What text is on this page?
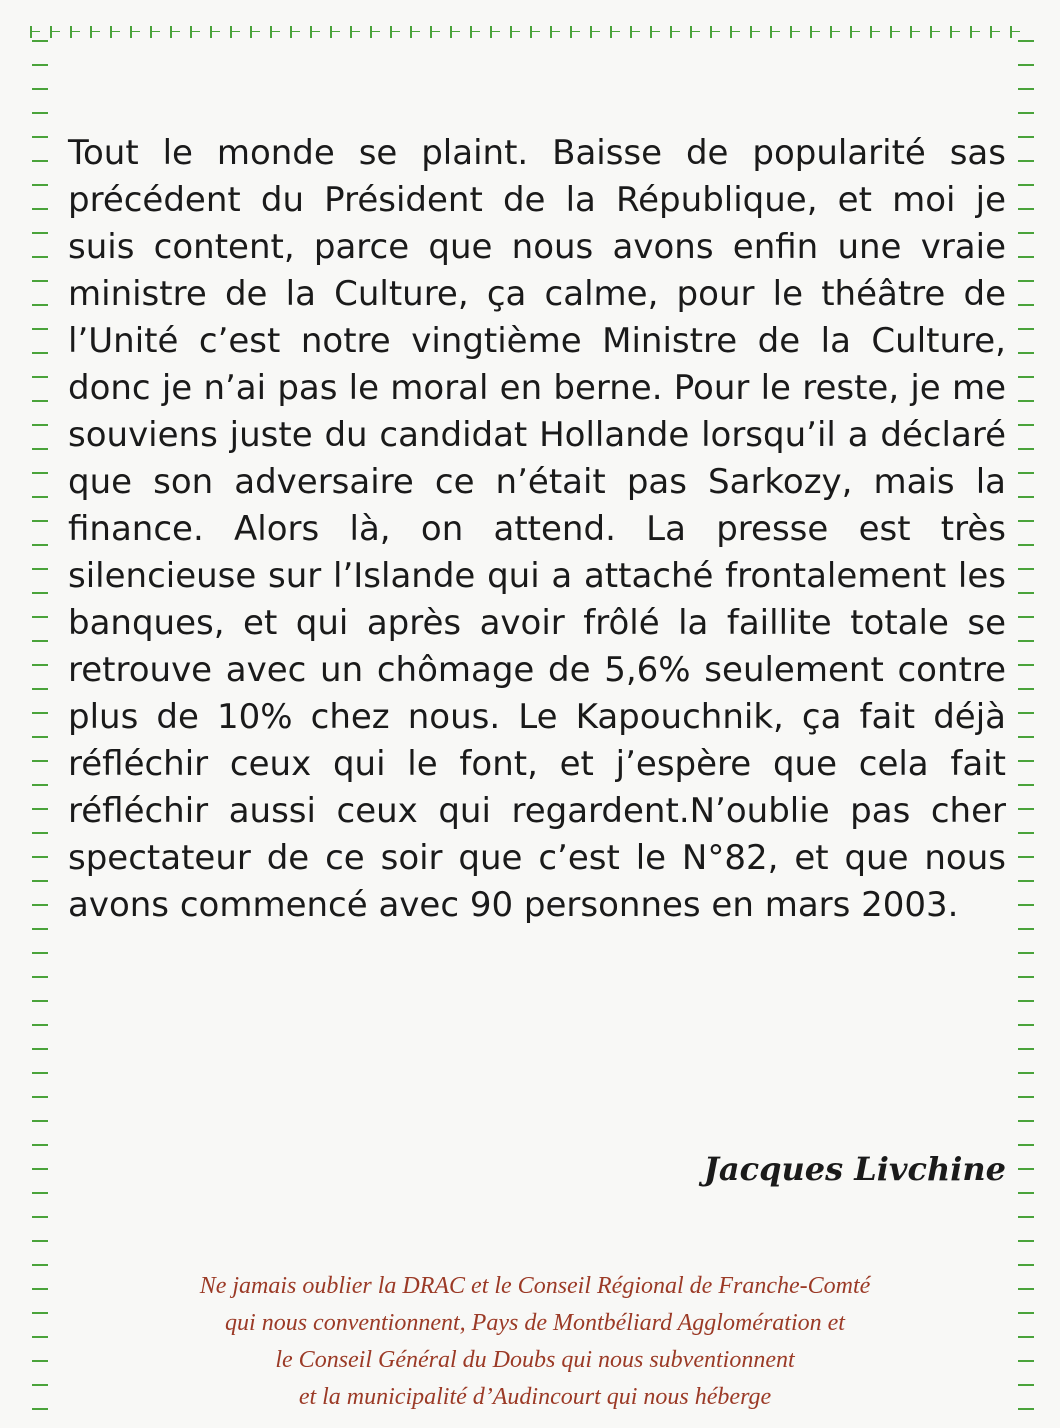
Tout le monde se plaint. Baisse de popularité sas précédent du Président de la République, et moi je suis content, parce que nous avons enfin une vraie ministre de la Culture, ça calme, pour le théâtre de l’Unité c’est notre vingtième Ministre de la Culture, donc je n’ai pas le moral en berne. Pour le reste, je me souviens juste du candidat Hollande lorsqu’il a déclaré que son adversaire ce n’était pas Sarkozy, mais la finance. Alors là, on attend. La presse est très silencieuse sur l’Islande qui a attaché frontalement les banques, et qui après avoir frôlé la faillite totale se retrouve avec un chômage de 5,6% seulement contre plus de 10% chez nous. Le Kapouchnik, ça fait déjà réfléchir ceux qui le font, et j’espère que cela fait réfléchir aussi ceux qui regardent.N’oublie pas cher spectateur de ce soir que c’est le N°82, et que nous avons commencé avec 90 personnes en mars 2003.

Jacques Livchine
Ne jamais oublier la DRAC et le Conseil Régional de Franche-Comté
qui nous conventionnent, Pays de Montbéliard Agglomération et
le Conseil Général du Doubs qui nous subventionnent
et la municipalité d’Audincourt qui nous héberge
